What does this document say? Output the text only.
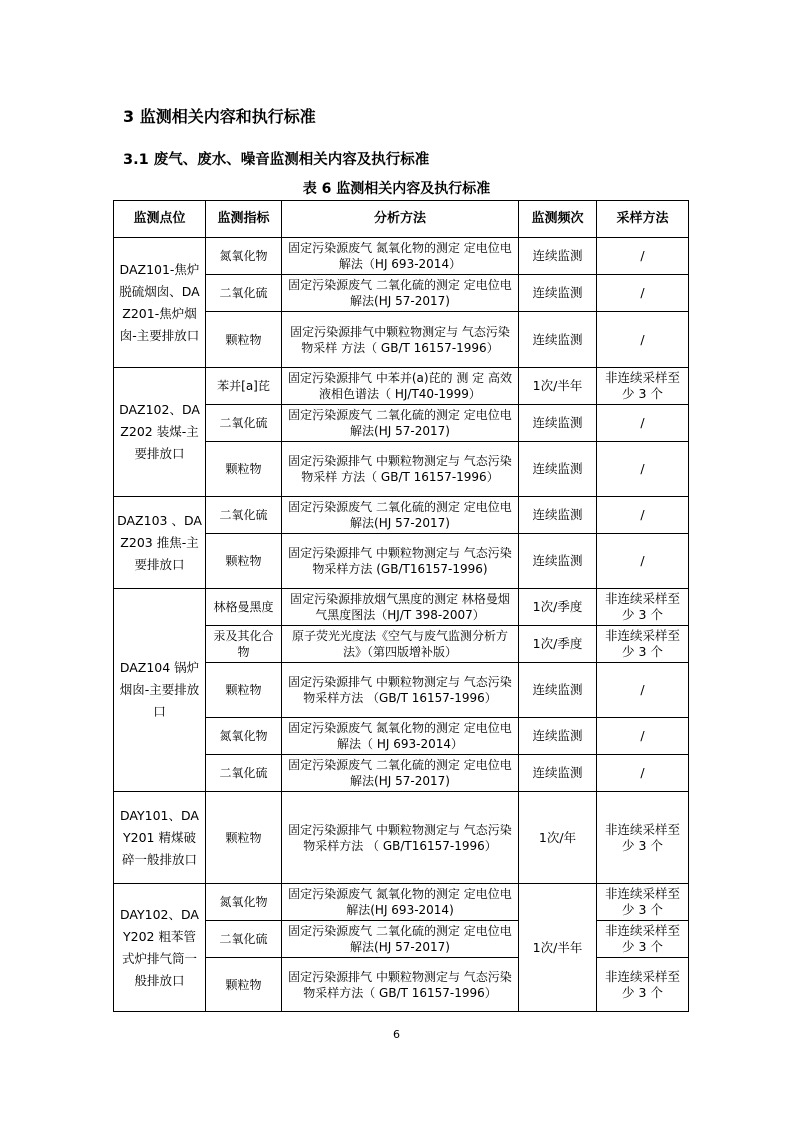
3 监测相关内容和执行标准
3.1 废气、废水、噪音监测相关内容及执行标准
表 6 监测相关内容及执行标准
监测点位	监测指标	分析方法	监测频次	采样方法
DAZ101-焦炉脱硫烟囱、DAZ201-焦炉烟囱-主要排放口	氮氧化物	固定污染源废气 氮氧化物的测定 定电位电解法（HJ 693-2014）	连续监测	/
	二氧化硫	固定污染源废气 二氧化硫的测定 定电位电解法(HJ 57-2017)	连续监测	/
	颗粒物	固定污染源排气中颗粒物测定与 气态污染物采样 方法（ GB/T 16157-1996）	连续监测	/
DAZ102、DAZ202 装煤-主要排放口	苯并[a]芘	固定污染源排气 中苯并(a)芘的 测 定 高效液相色谱法（ HJ/T40-1999）	1次/半年	非连续采样至少 3 个
	二氧化硫	固定污染源废气 二氧化硫的测定 定电位电解法(HJ 57-2017)	连续监测	/
	颗粒物	固定污染源排气 中颗粒物测定与 气态污染物采样 方法（ GB/T 16157-1996）	连续监测	/
DAZ103 、DAZ203 推焦-主要排放口	二氧化硫	固定污染源废气 二氧化硫的测定 定电位电解法(HJ 57-2017)	连续监测	/
	颗粒物	固定污染源排气 中颗粒物测定与 气态污染物采样方法 (GB/T16157-1996)	连续监测	/
DAZ104 锅炉烟囱-主要排放口	林格曼黑度	固定污染源排放烟气黑度的测定 林格曼烟气黑度图法（HJ/T 398-2007）	1次/季度	非连续采样至少 3 个
	汞及其化合物	原子荧光光度法《空气与废气监测分析方法》（第四版增补版）	1次/季度	非连续采样至少 3 个
	颗粒物	固定污染源排气 中颗粒物测定与 气态污染物采样方法 （GB/T 16157-1996）	连续监测	/
	氮氧化物	固定污染源废气 氮氧化物的测定 定电位电解法（ HJ 693-2014）	连续监测	/
	二氧化硫	固定污染源废气 二氧化硫的测定 定电位电解法(HJ 57-2017)	连续监测	/
DAY101、DAY201 精煤破碎一般排放口	颗粒物	固定污染源排气 中颗粒物测定与 气态污染物采样方法 （ GB/T16157-1996）	1次/年	非连续采样至少 3 个
DAY102、DAY202 粗苯管式炉排气筒一般排放口	氮氧化物	固定污染源废气 氮氧化物的测定 定电位电解法(HJ 693-2014)	1次/半年	非连续采样至少 3 个
	二氧化硫	固定污染源废气 二氧化硫的测定 定电位电解法(HJ 57-2017)		非连续采样至少 3 个
	颗粒物	固定污染源排气 中颗粒物测定与 气态污染物采样方法（ GB/T 16157-1996）		非连续采样至少 3 个
6
